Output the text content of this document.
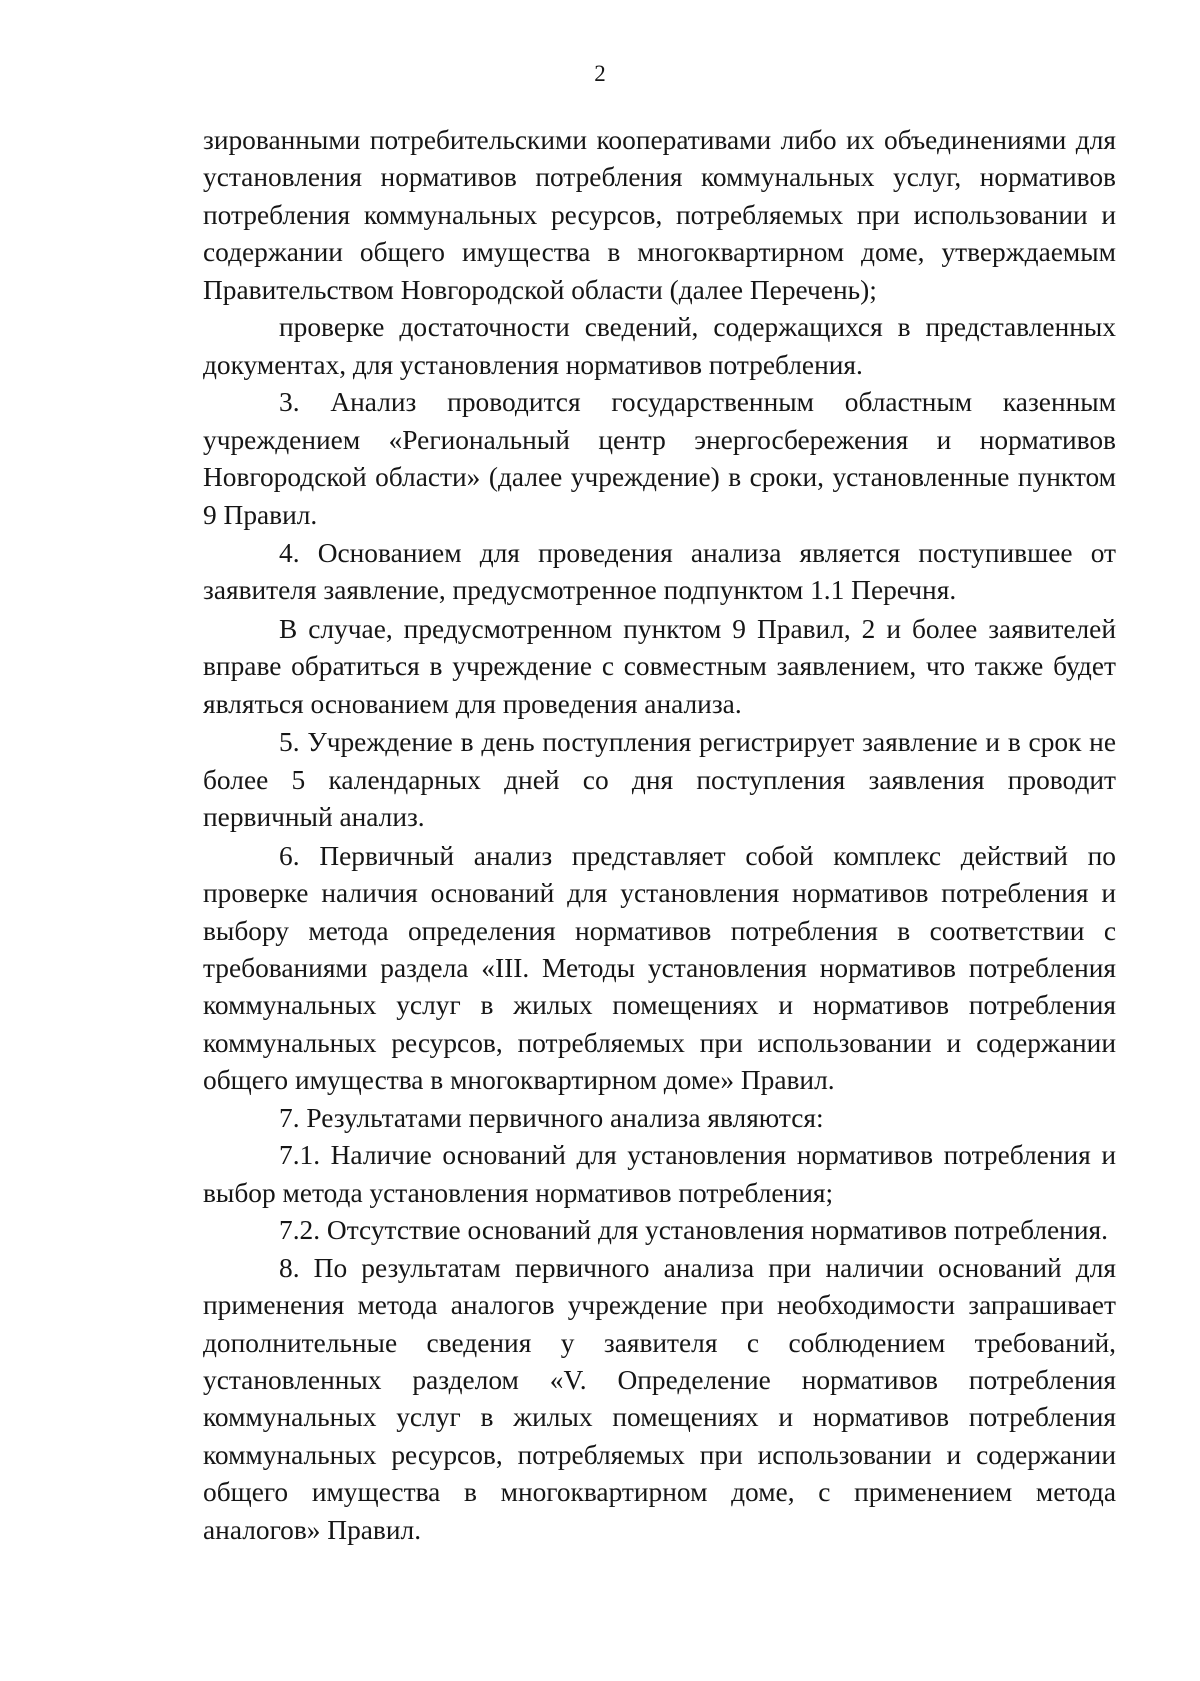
2

зированными потребительскими кооперативами либо их объединениями для установления нормативов потребления коммунальных услуг, нормативов потребления коммунальных ресурсов, потребляемых при использовании и содержании общего имущества в многоквартирном доме, утверждаемым Правительством Новгородской области (далее Перечень);

проверке достаточности сведений, содержащихся в представленных документах, для установления нормативов потребления.

3. Анализ проводится государственным областным казенным учреждением «Региональный центр энергосбережения и нормативов Новгородской области» (далее учреждение) в сроки, установленные пунктом 9 Правил.

4. Основанием для проведения анализа является поступившее от заявителя заявление, предусмотренное подпунктом 1.1 Перечня.

В случае, предусмотренном пунктом 9 Правил, 2 и более заявителей вправе обратиться в учреждение с совместным заявлением, что также будет являться основанием для проведения анализа.

5. Учреждение в день поступления регистрирует заявление и в срок не более 5 календарных дней со дня поступления заявления проводит первичный анализ.

6. Первичный анализ представляет собой комплекс действий по проверке наличия оснований для установления нормативов потребления и выбору метода определения нормативов потребления в соответствии с требованиями раздела «III. Методы установления нормативов потребления коммунальных услуг в жилых помещениях и нормативов потребления коммунальных ресурсов, потребляемых при использовании и содержании общего имущества в многоквартирном доме» Правил.

7. Результатами первичного анализа являются:

7.1. Наличие оснований для установления нормативов потребления и выбор метода установления нормативов потребления;

7.2. Отсутствие оснований для установления нормативов потребления.

8. По результатам первичного анализа при наличии оснований для применения метода аналогов учреждение при необходимости запрашивает дополнительные сведения у заявителя с соблюдением требований, установленных разделом «V. Определение нормативов потребления коммунальных услуг в жилых помещениях и нормативов потребления коммунальных ресурсов, потребляемых при использовании и содержании общего имущества в многоквартирном доме, с применением метода аналогов» Правил.
